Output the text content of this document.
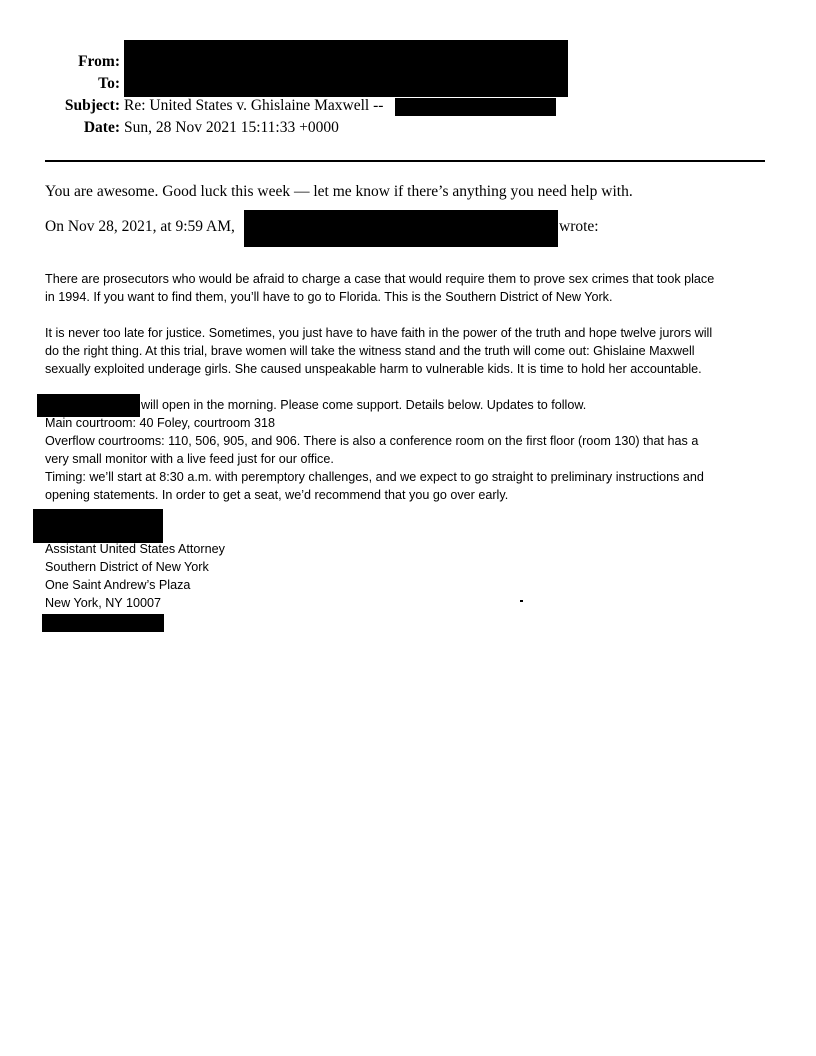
From:
To:
Subject: Re: United States v. Ghislaine Maxwell --
Date: Sun, 28 Nov 2021 15:11:33 +0000
You are awesome. Good luck this week — let me know if there’s anything you need help with.
On Nov 28, 2021, at 9:59 AM,	wrote:
There are prosecutors who would be afraid to charge a case that would require them to prove sex crimes that took place
in 1994. If you want to find them, you’ll have to go to Florida. This is the Southern District of New York.
It is never too late for justice. Sometimes, you just have to have faith in the power of the truth and hope twelve jurors will
do the right thing. At this trial, brave women will take the witness stand and the truth will come out: Ghislaine Maxwell
sexually exploited underage girls. She caused unspeakable harm to vulnerable kids. It is time to hold her accountable.
will open in the morning. Please come support. Details below. Updates to follow.
Main courtroom: 40 Foley, courtroom 318
Overflow courtrooms: 110, 506, 905, and 906. There is also a conference room on the first floor (room 130) that has a
very small monitor with a live feed just for our office.
Timing: we’ll start at 8:30 a.m. with peremptory challenges, and we expect to go straight to preliminary instructions and
opening statements. In order to get a seat, we’d recommend that you go over early.
Assistant United States Attorney
Southern District of New York
One Saint Andrew’s Plaza
New York, NY 10007
